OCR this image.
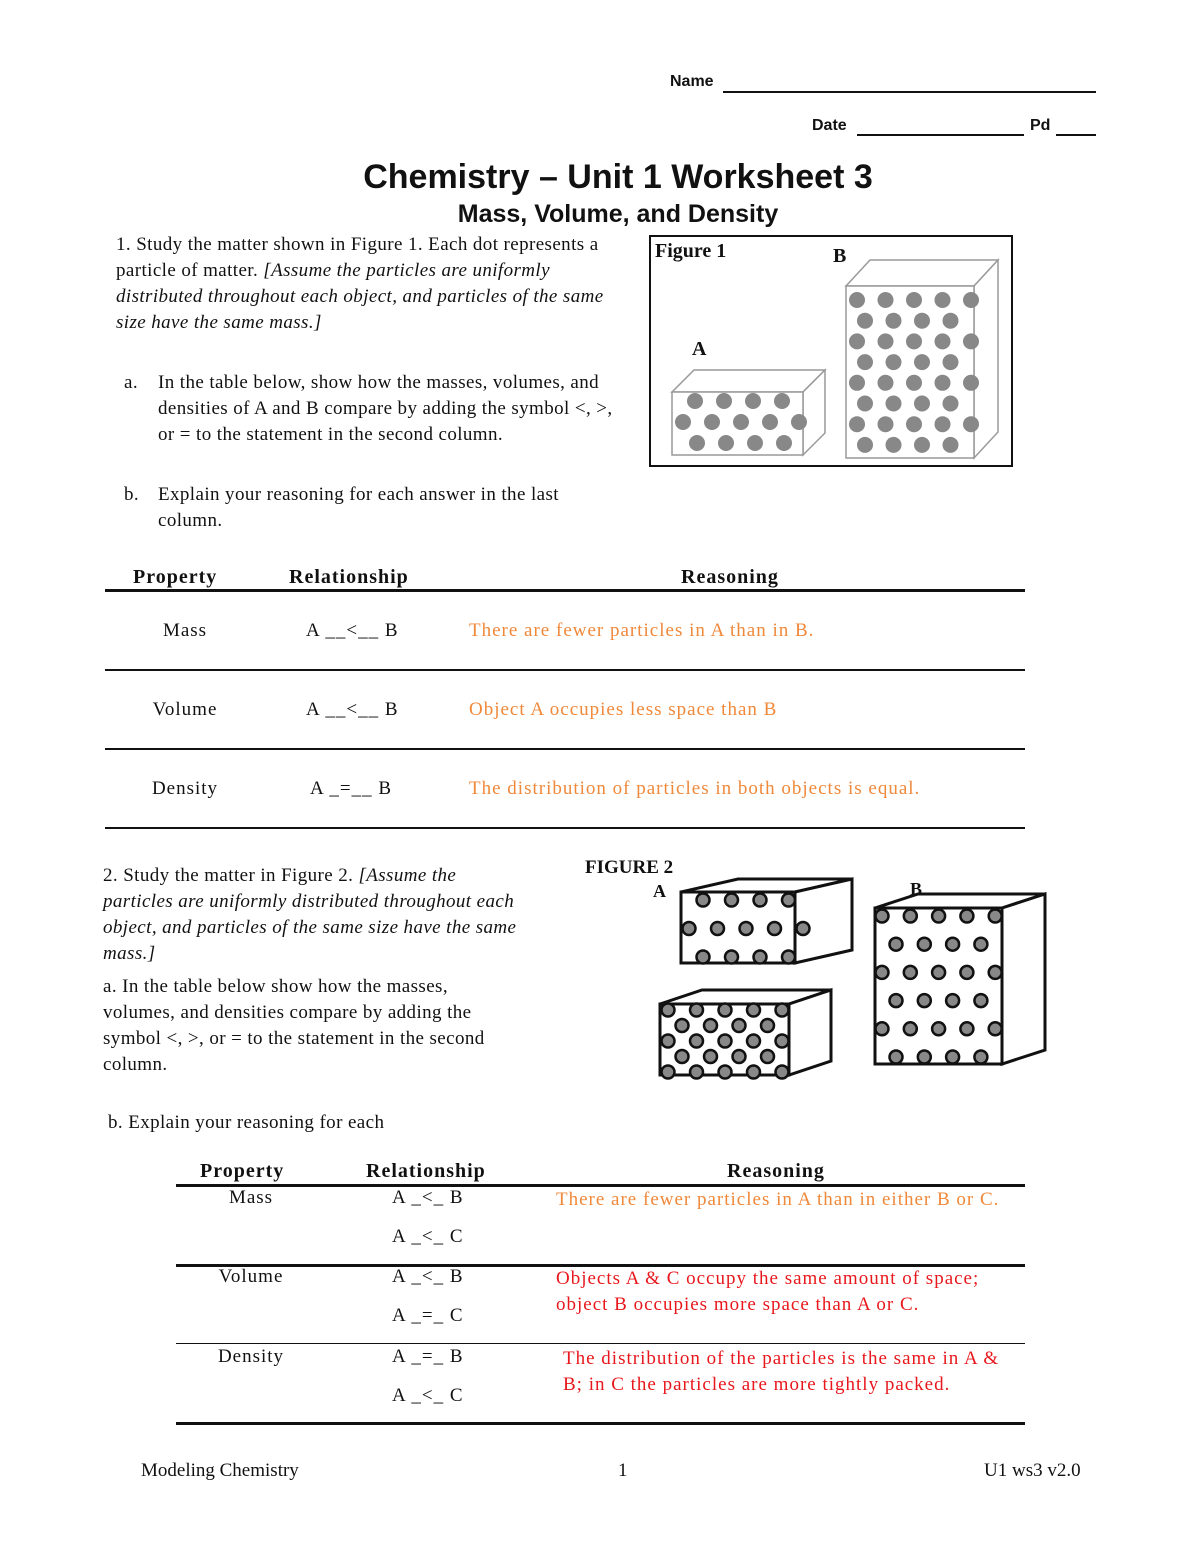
Name
Date	Pd
Chemistry – Unit 1 Worksheet 3
Mass, Volume, and Density
1. Study the matter shown in Figure 1. Each dot represents a particle of matter. [Assume the particles are uniformly distributed throughout each object, and particles of the same size have the same mass.]
a. In the table below, show how the masses, volumes, and densities of A and B compare by adding the symbol <, >, or = to the statement in the second column.
b. Explain your reasoning for each answer in the last column.
Figure 1	B
A
Property	Relationship	Reasoning
Mass	A __<__ B	There are fewer particles in A than in B.
Volume	A __<__ B	Object A occupies less space than B
Density	A _=__ B	The distribution of particles in both objects is equal.
2. Study the matter in Figure 2. [Assume the particles are uniformly distributed throughout each object, and particles of the same size have the same mass.]
a. In the table below show how the masses, volumes, and densities compare by adding the symbol <, >, or = to the statement in the second column.
b. Explain your reasoning for each
FIGURE 2
A	B
Property	Relationship	Reasoning
Mass	A _<_ B
A _<_ C
There are fewer particles in A than in either B or C.
Volume	A _<_ B
A _=_ C
Objects A & C occupy the same amount of space; object B occupies more space than A or C.
Density	A _=_ B
A _<_ C
The distribution of the particles is the same in A & B; in C the particles are more tightly packed.
Modeling Chemistry	1	U1 ws3 v2.0
